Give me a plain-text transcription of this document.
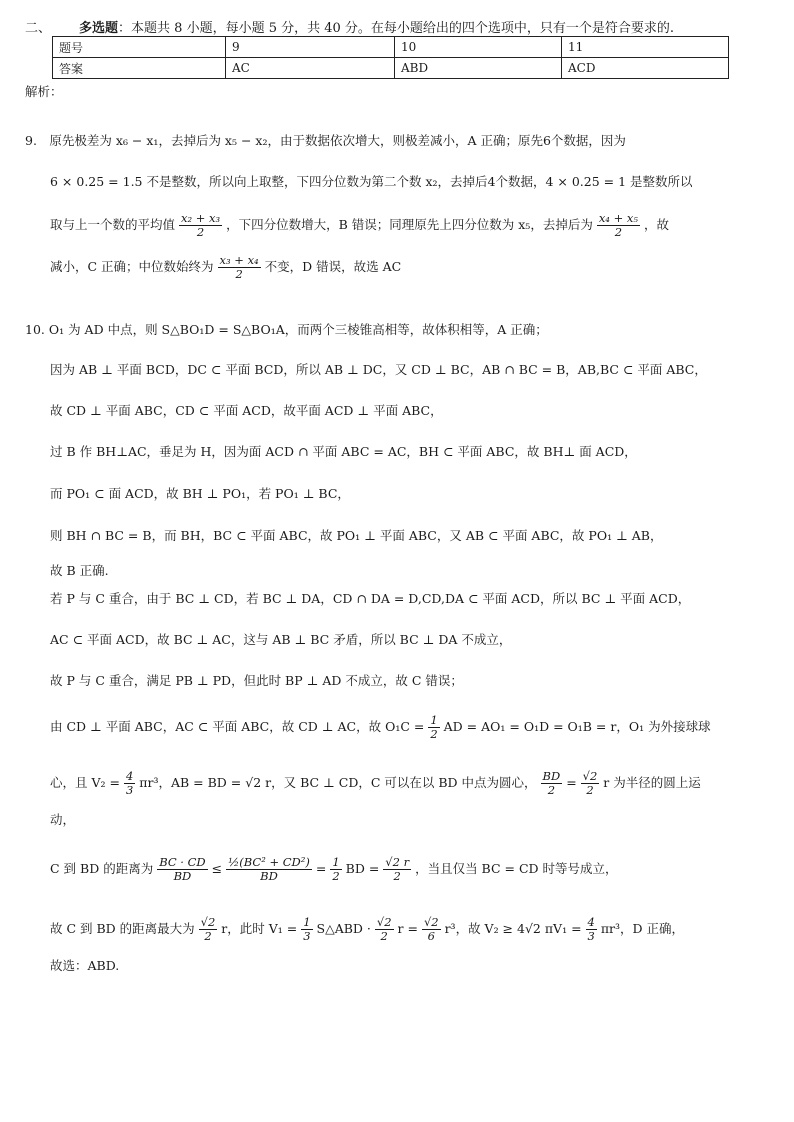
二、 多选题：本题共 8 小题，每小题 5 分，共 40 分。在每小题给出的四个选项中，只有一个是符合要求的.
题号	9	10	11
答案	AC	ABD	ACD
解析：
9.　原先极差为 x₆ − x₁，去掉后为 x₅ − x₂，由于数据依次增大，则极差减小，A 正确；原先6个数据，因为
6 × 0.25 = 1.5 不是整数，所以向上取整，下四分位数为第二个数 x₂，去掉后4个数据，4 × 0.25 = 1 是整数所以
取与上一个数的平均值 $\frac{\text{x₂ + x₃}}{2}$ ，下四分位数增大，B 错误；同理原先上四分位数为 x₅，去掉后为 $\frac{\text{x₄ + x₅}}{2}$ ，故
减小，C 正确；中位数始终为 $\frac{\text{x₃ + x₄}}{2}$ 不变，D 错误，故选 AC
10. O₁ 为 AD 中点，则 S△BO₁D = S△BO₁A，而两个三棱锥高相等，故体积相等，A 正确；
因为 AB ⊥ 平面 BCD，DC ⊂ 平面 BCD，所以 AB ⊥ DC，又 CD ⊥ BC，AB ∩ BC = B，AB,BC ⊂ 平面 ABC，
故 CD ⊥ 平面 ABC，CD ⊂ 平面 ACD，故平面 ACD ⊥ 平面 ABC，
过 B 作 BH⊥AC，垂足为 H，因为面 ACD ∩ 平面 ABC = AC，BH ⊂ 平面 ABC，故 BH⊥ 面 ACD，
而 PO₁ ⊂ 面 ACD，故 BH ⊥ PO₁，若 PO₁ ⊥ BC，
则 BH ∩ BC = B，而 BH，BC ⊂ 平面 ABC，故 PO₁ ⊥ 平面 ABC，又 AB ⊂ 平面 ABC，故 PO₁ ⊥ AB，
故 B 正确.
若 P 与 C 重合，由于 BC ⊥ CD，若 BC ⊥ DA，CD ∩ DA = D,CD,DA ⊂ 平面 ACD，所以 BC ⊥ 平面 ACD，
AC ⊂ 平面 ACD，故 BC ⊥ AC，这与 AB ⊥ BC 矛盾，所以 BC ⊥ DA 不成立，
故 P 与 C 重合，满足 PB ⊥ PD，但此时 BP ⊥ AD 不成立，故 C 错误；
由 CD ⊥ 平面 ABC，AC ⊂ 平面 ABC，故 CD ⊥ AC，故 $O_1C = \frac{1}{2}$ AD = AO₁ = O₁D = O₁B = r，O₁ 为外接球球
心，且 $V_2 = \frac{4}{3} \pi r^3$，AB = BD = √2 r，又 BC ⊥ CD，C 可以在以 BD 中点为圆心， $\frac{BD}{2} = \frac{√2}{2}$ r 为半径的圆上运
动，
C 到 BD 的距离为 $\frac{BC \cdot CD}{BD} \le \frac{\text{½(BC² + CD²)}}{BD} = \frac{1}{2}$ BD = $\frac{√2 r}{2}$ ，当且仅当 BC = CD 时等号成立，
故 C 到 BD 的距离最大为 $\frac{√2}{2}$ r，此时 $V_1 = \frac{1}{3}$ S△ABD · $\frac{√2}{2}$ $r = \frac{√2}{6} r^3$，故 V₂ ≥ 4√2 $\pi V_1 = \frac{4}{3} \pi r^3$，D 正确，
故选：ABD.
